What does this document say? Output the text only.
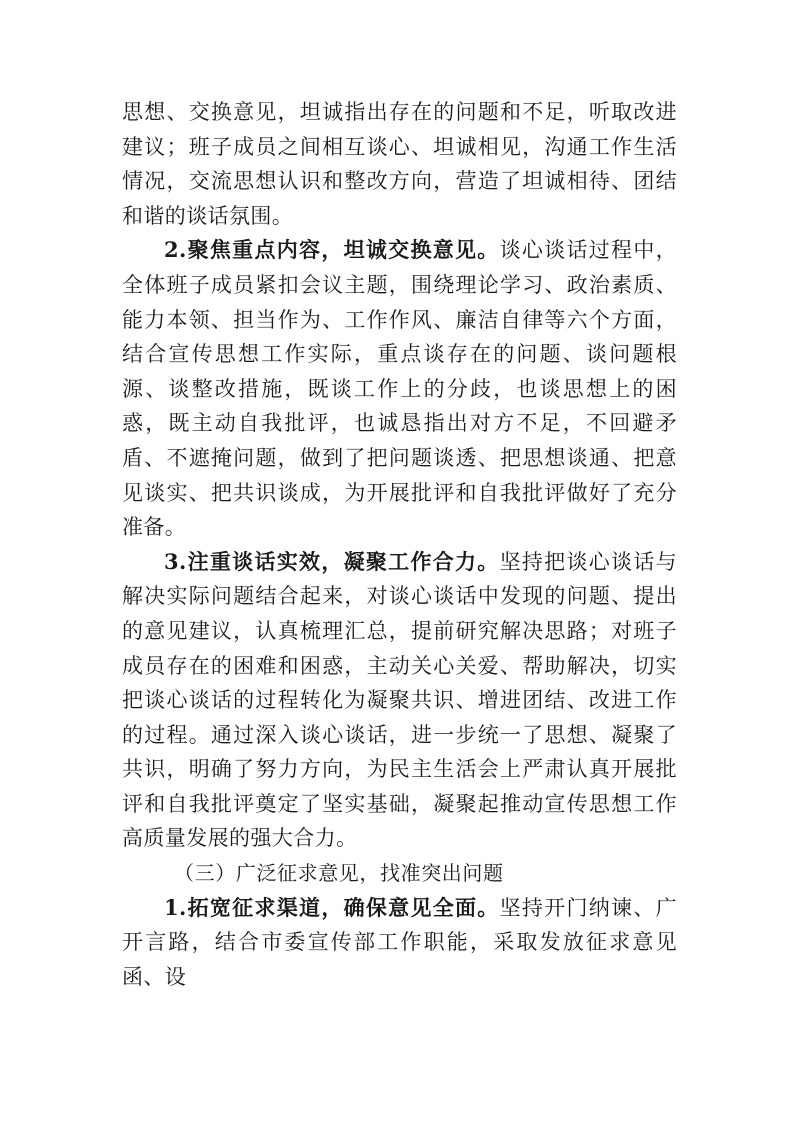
思想、交换意见，坦诚指出存在的问题和不足，听取改进建议；班子成员之间相互谈心、坦诚相见，沟通工作生活情况，交流思想认识和整改方向，营造了坦诚相待、团结和谐的谈话氛围。

2.聚焦重点内容，坦诚交换意见。谈心谈话过程中，全体班子成员紧扣会议主题，围绕理论学习、政治素质、能力本领、担当作为、工作作风、廉洁自律等六个方面，结合宣传思想工作实际，重点谈存在的问题、谈问题根源、谈整改措施，既谈工作上的分歧，也谈思想上的困惑，既主动自我批评，也诚恳指出对方不足，不回避矛盾、不遮掩问题，做到了把问题谈透、把思想谈通、把意见谈实、把共识谈成，为开展批评和自我批评做好了充分准备。

3.注重谈话实效，凝聚工作合力。坚持把谈心谈话与解决实际问题结合起来，对谈心谈话中发现的问题、提出的意见建议，认真梳理汇总，提前研究解决思路；对班子成员存在的困难和困惑，主动关心关爱、帮助解决，切实把谈心谈话的过程转化为凝聚共识、增进团结、改进工作的过程。通过深入谈心谈话，进一步统一了思想、凝聚了共识，明确了努力方向，为民主生活会上严肃认真开展批评和自我批评奠定了坚实基础，凝聚起推动宣传思想工作高质量发展的强大合力。

（三）广泛征求意见，找准突出问题

1.拓宽征求渠道，确保意见全面。坚持开门纳谏、广开言路，结合市委宣传部工作职能，采取发放征求意见函、设
